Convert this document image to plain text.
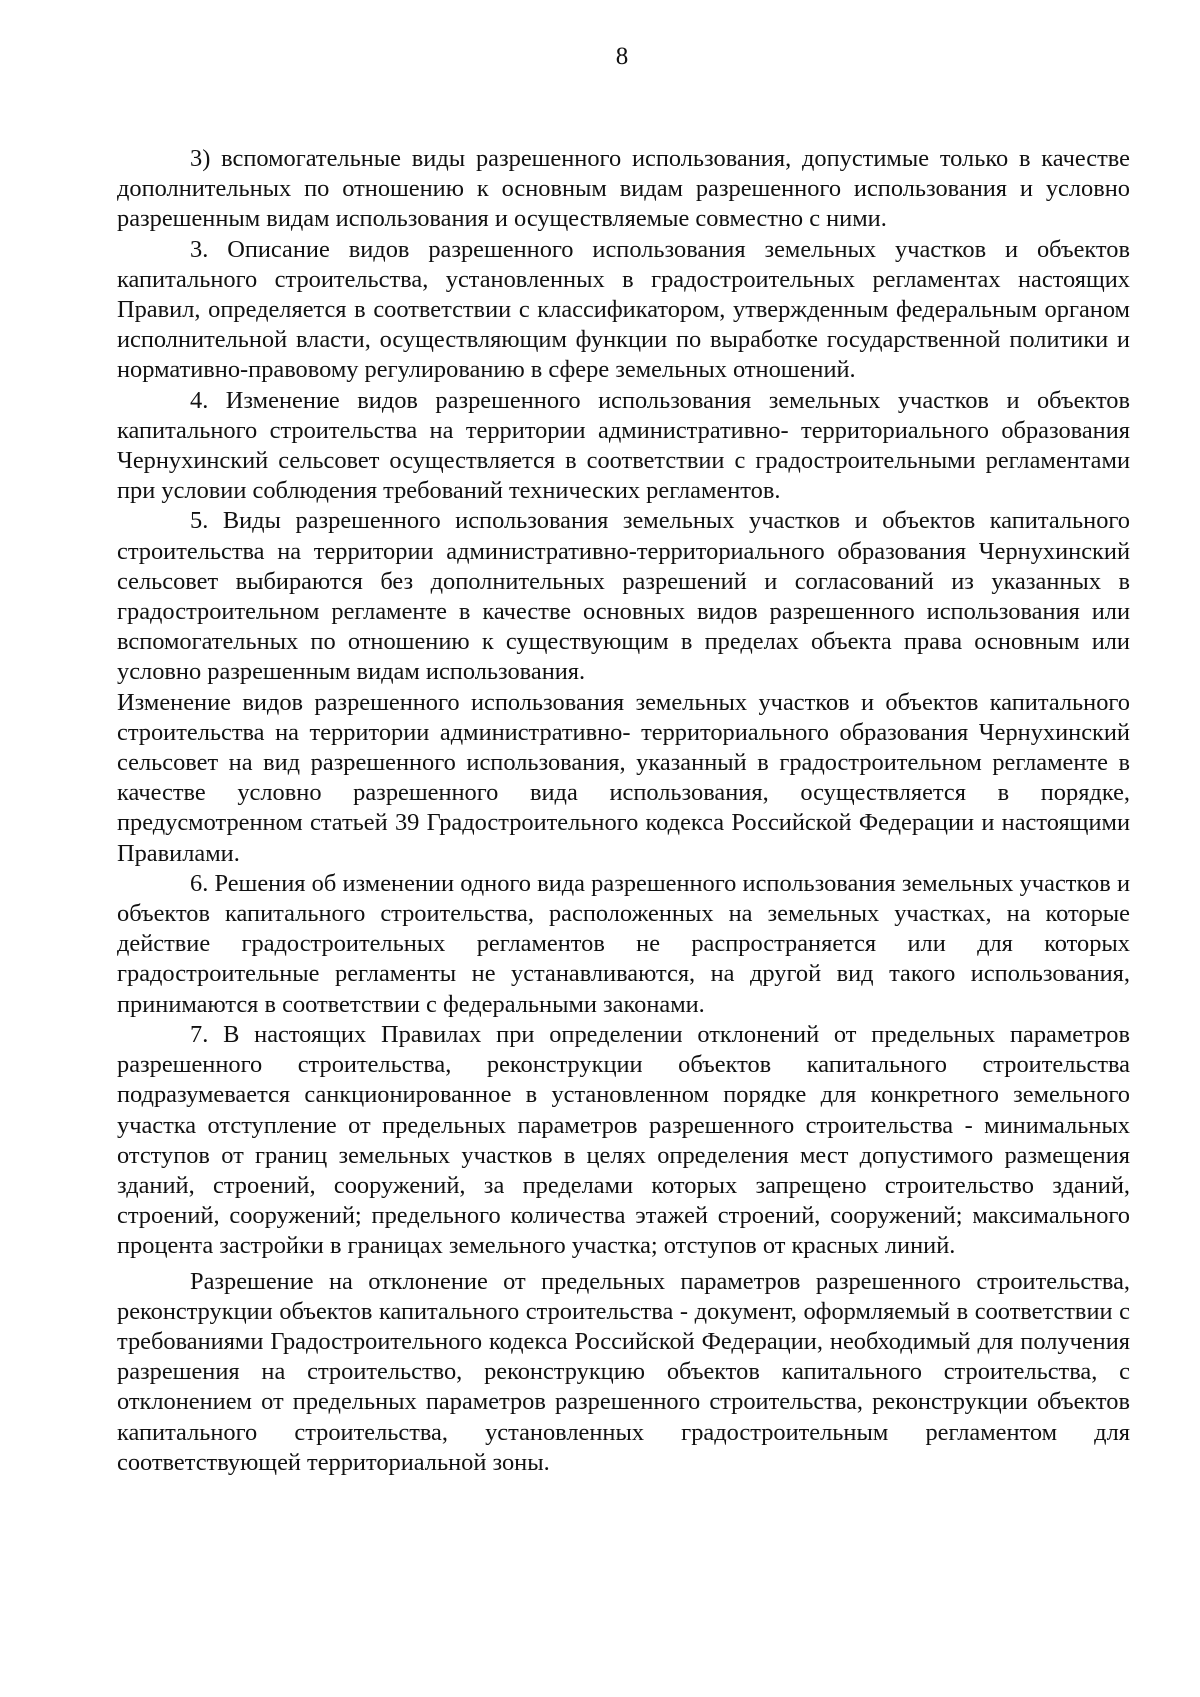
8

3) вспомогательные виды разрешенного использования, допустимые только в качестве дополнительных по отношению к основным видам разрешенного использования и условно разрешенным видам использования и осуществляемые совместно с ними.

3. Описание видов разрешенного использования земельных участков и объектов капитального строительства, установленных в градостроительных регламентах настоящих Правил, определяется в соответствии с классификатором, утвержденным федеральным органом исполнительной власти, осуществляющим функции по выработке государственной политики и нормативно-правовому регулированию в сфере земельных отношений.

4. Изменение видов разрешенного использования земельных участков и объектов капитального строительства на территории административно- территориального образования Чернухинский сельсовет осуществляется в соответствии с градостроительными регламентами при условии соблюдения требований технических регламентов.

5. Виды разрешенного использования земельных участков и объектов капитального строительства на территории административно-территориального образования Чернухинский сельсовет выбираются без дополнительных разрешений и согласований из указанных в градостроительном регламенте в качестве основных видов разрешенного использования или вспомогательных по отношению к существующим в пределах объекта права основным или условно разрешенным видам использования.

Изменение видов разрешенного использования земельных участков и объектов капитального строительства на территории административно- территориального образования Чернухинский сельсовет на вид разрешенного использования, указанный в градостроительном регламенте в качестве условно разрешенного вида использования, осуществляется в порядке, предусмотренном статьей 39 Градостроительного кодекса Российской Федерации и настоящими Правилами.

6. Решения об изменении одного вида разрешенного использования земельных участков и объектов капитального строительства, расположенных на земельных участках, на которые действие градостроительных регламентов не распространяется или для которых градостроительные регламенты не устанавливаются, на другой вид такого использования, принимаются в соответствии с федеральными законами.

7. В настоящих Правилах при определении отклонений от предельных параметров разрешенного строительства, реконструкции объектов капитального строительства подразумевается санкционированное в установленном порядке для конкретного земельного участка отступление от предельных параметров разрешенного строительства - минимальных отступов от границ земельных участков в целях определения мест допустимого размещения зданий, строений, сооружений, за пределами которых запрещено строительство зданий, строений, сооружений; предельного количества этажей строений, сооружений; максимального процента застройки в границах земельного участка; отступов от красных линий.

Разрешение на отклонение от предельных параметров разрешенного строительства, реконструкции объектов капитального строительства - документ, оформляемый в соответствии с требованиями Градостроительного кодекса Российской Федерации, необходимый для получения разрешения на строительство, реконструкцию объектов капитального строительства, с отклонением от предельных параметров разрешенного строительства, реконструкции объектов капитального строительства, установленных градостроительным регламентом для соответствующей территориальной зоны.
